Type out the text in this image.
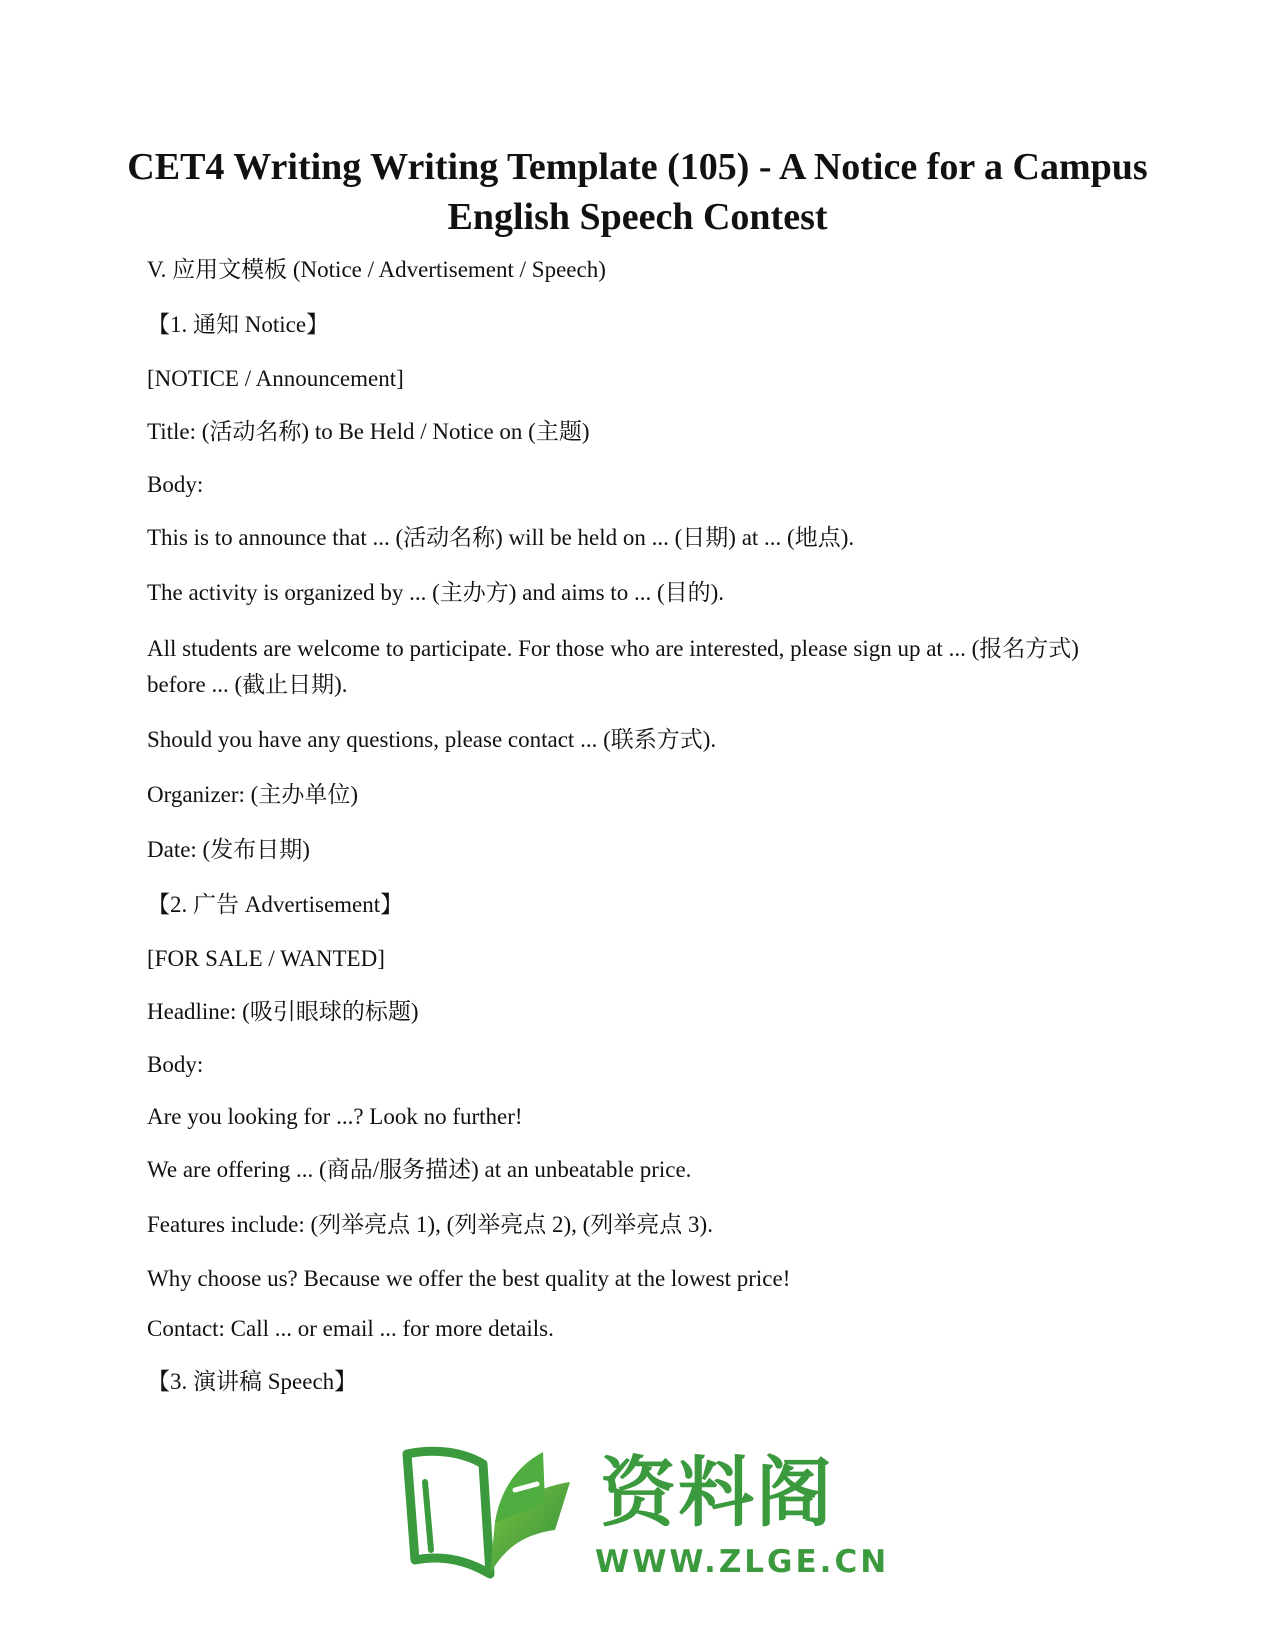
CET4 Writing Writing Template (105) - A Notice for a Campus English Speech Contest

V. 应用文模板 (Notice / Advertisement / Speech)

【1. 通知 Notice】

[NOTICE / Announcement]

Title: (活动名称) to Be Held / Notice on (主题)

Body:

This is to announce that ... (活动名称) will be held on ... (日期) at ... (地点).

The activity is organized by ... (主办方) and aims to ... (目的).

All students are welcome to participate. For those who are interested, please sign up at ... (报名方式) before ... (截止日期).

Should you have any questions, please contact ... (联系方式).

Organizer: (主办单位)

Date: (发布日期)

【2. 广告 Advertisement】

[FOR SALE / WANTED]

Headline: (吸引眼球的标题)

Body:

Are you looking for ...? Look no further!

We are offering ... (商品/服务描述) at an unbeatable price.

Features include: (列举亮点 1), (列举亮点 2), (列举亮点 3).

Why choose us? Because we offer the best quality at the lowest price!

Contact: Call ... or email ... for more details.

【3. 演讲稿 Speech】

资料阁
WWW.ZLGE.CN
